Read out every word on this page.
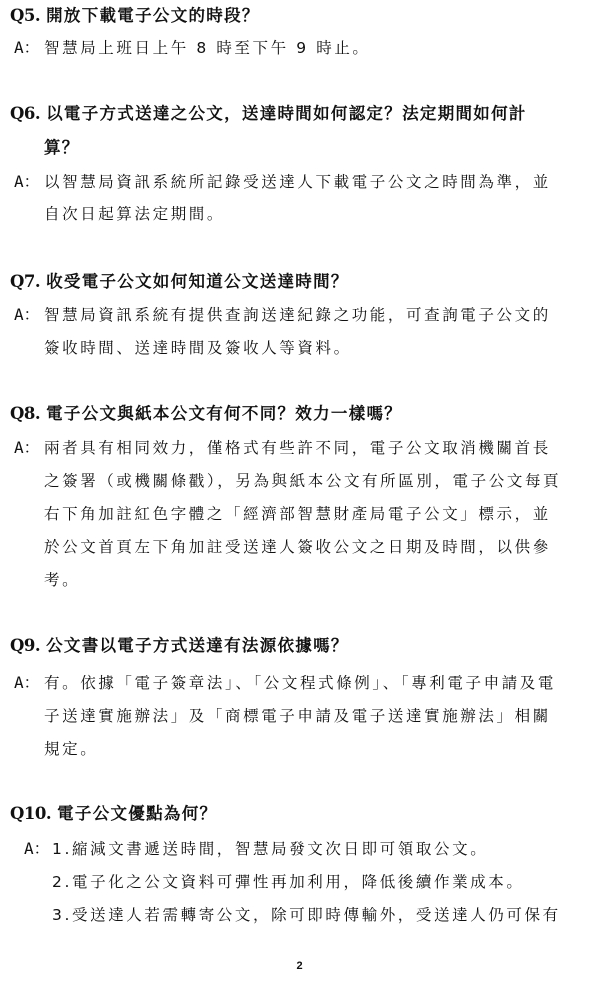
Q5. 開放下載電子公文的時段？
A： 智慧局上班日上午 8 時至下午 9 時止。
Q6. 以電子方式送達之公文，送達時間如何認定？法定期間如何計
算？
A： 以智慧局資訊系統所記錄受送達人下載電子公文之時間為準，並
自次日起算法定期間。
Q7. 收受電子公文如何知道公文送達時間？
A： 智慧局資訊系統有提供查詢送達紀錄之功能，可查詢電子公文的
簽收時間、送達時間及簽收人等資料。
Q8. 電子公文與紙本公文有何不同？效力一樣嗎？
A： 兩者具有相同效力，僅格式有些許不同，電子公文取消機關首長
之簽署（或機關條戳），另為與紙本公文有所區別，電子公文每頁
右下角加註紅色字體之「經濟部智慧財產局電子公文」標示，並
於公文首頁左下角加註受送達人簽收公文之日期及時間，以供參
考。
Q9. 公文書以電子方式送達有法源依據嗎？
A： 有。依據「電子簽章法」、「公文程式條例」、「專利電子申請及電
子送達實施辦法」及「商標電子申請及電子送達實施辦法」相關
規定。
Q10. 電子公文優點為何？
A： 1.縮減文書遞送時間，智慧局發文次日即可領取公文。
2.電子化之公文資料可彈性再加利用，降低後續作業成本。
3.受送達人若需轉寄公文，除可即時傳輸外，受送達人仍可保有
2
